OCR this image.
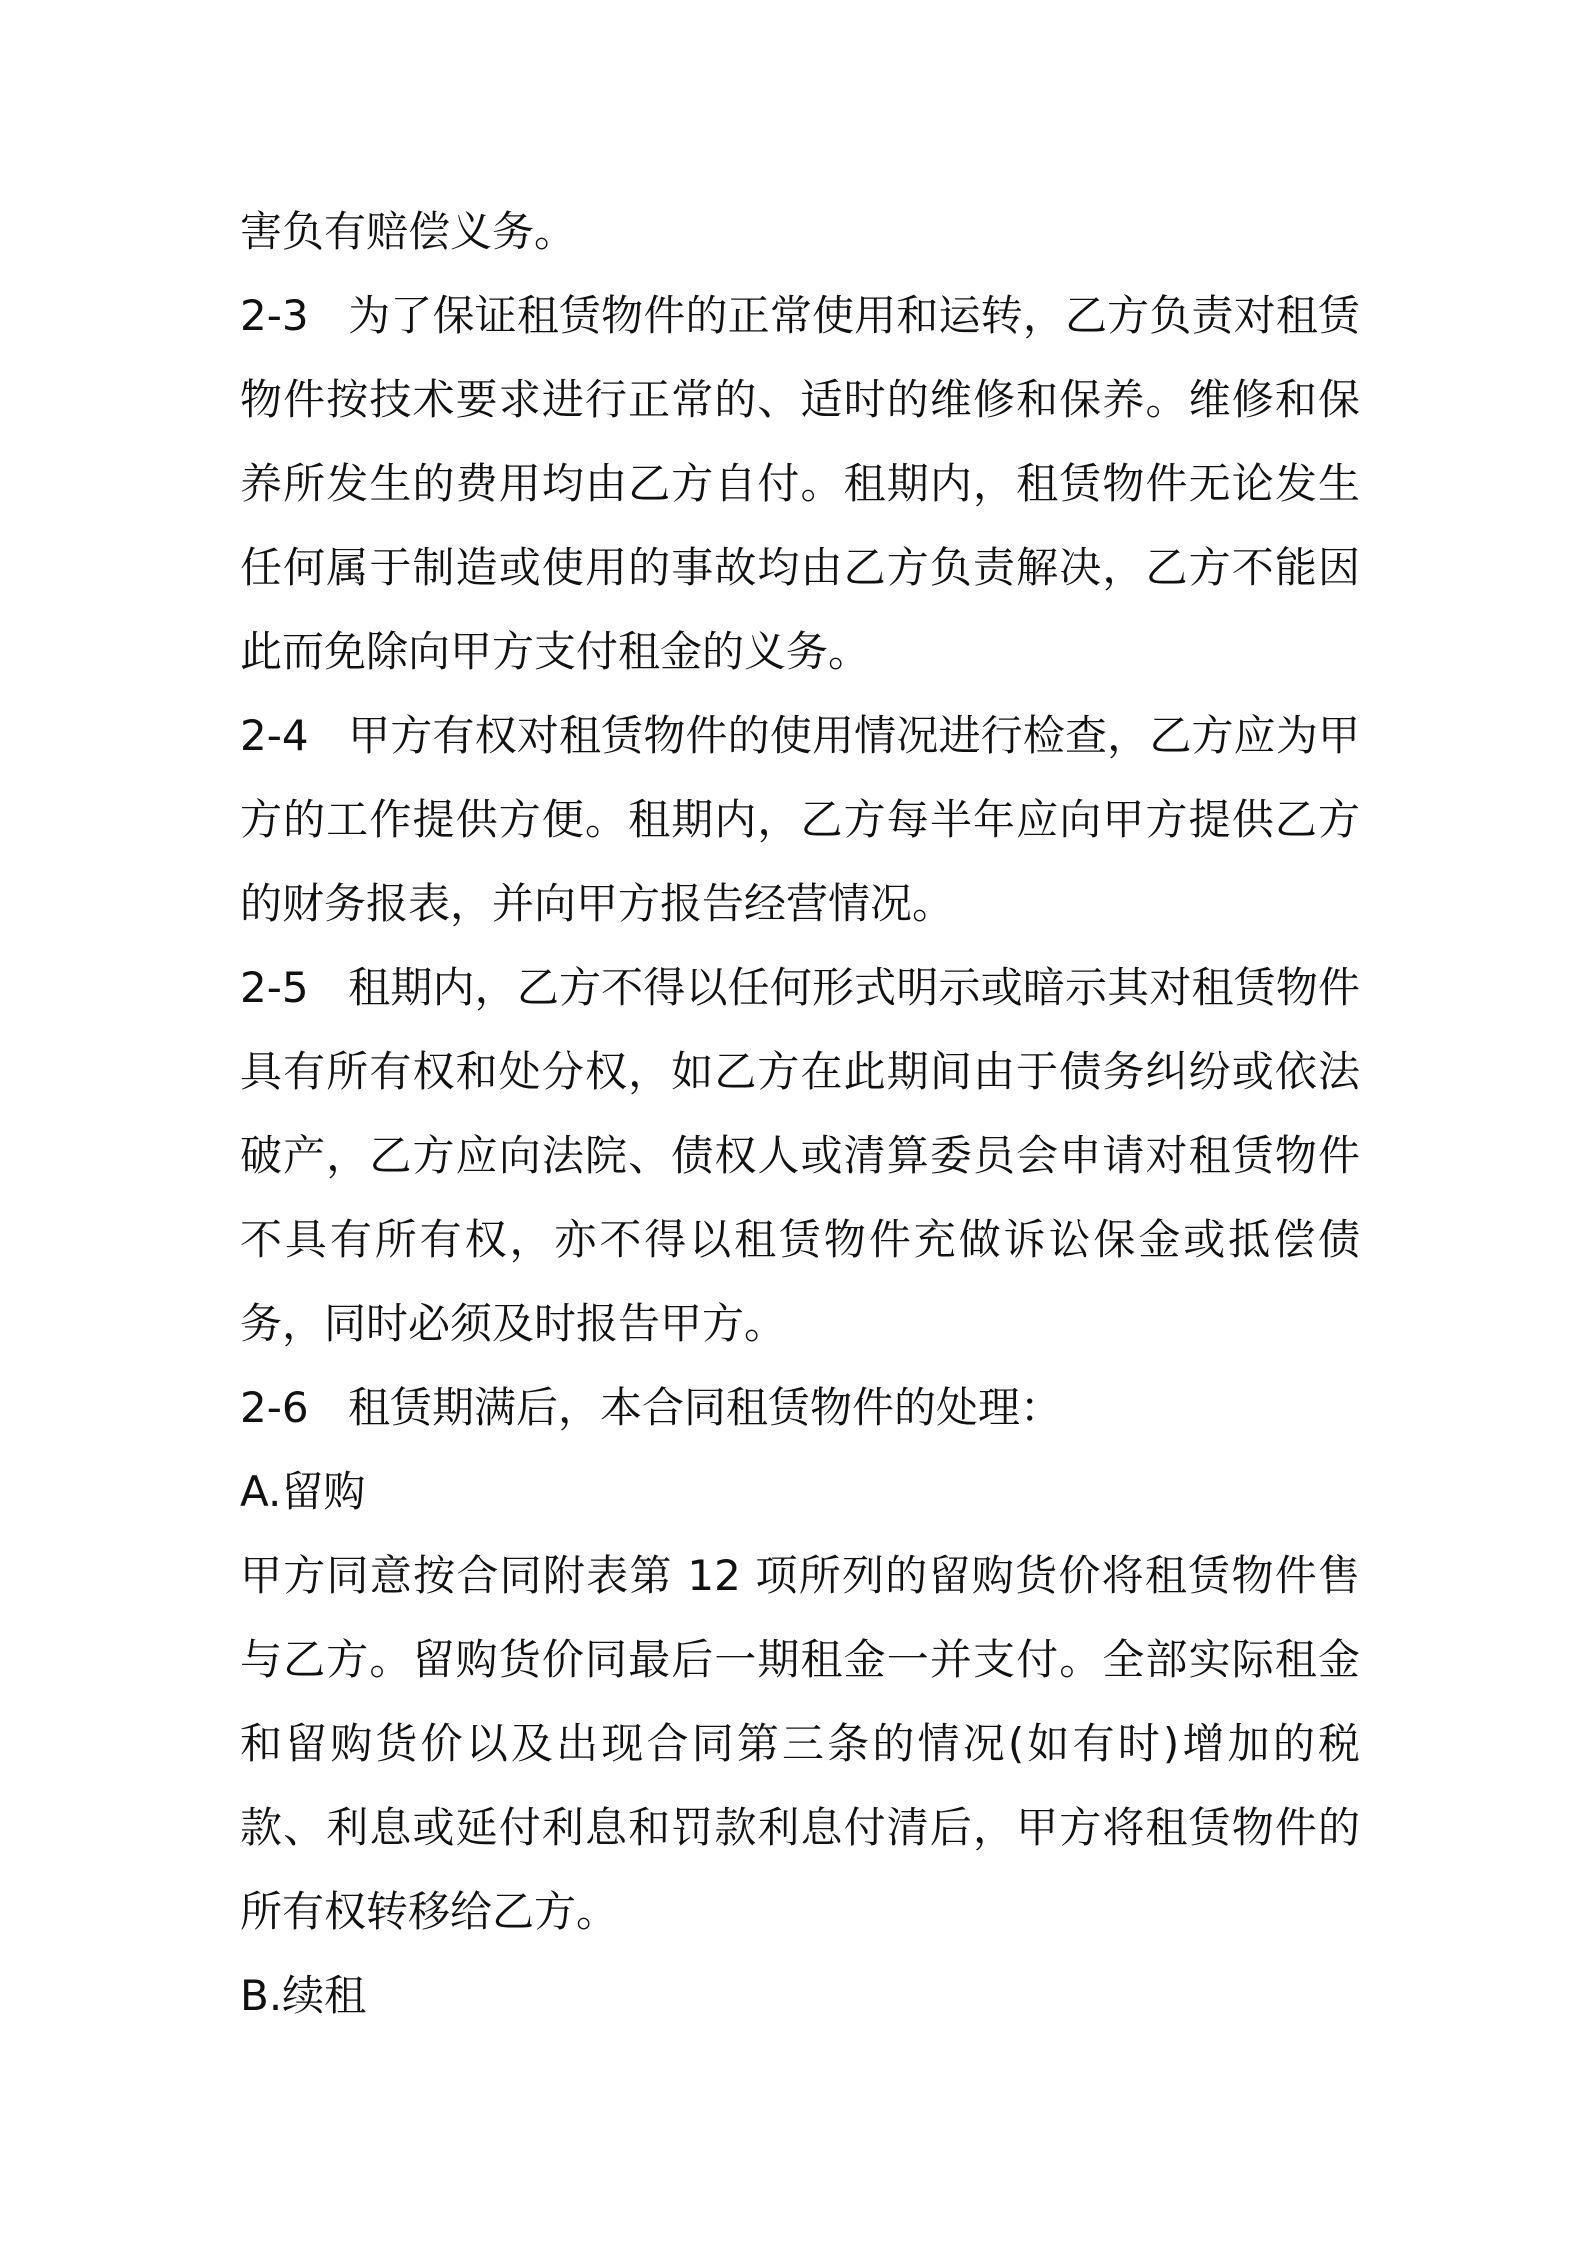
害负有赔偿义务。

2-3 为了保证租赁物件的正常使用和运转，乙方负责对租赁物件按技术要求进行正常的、适时的维修和保养。维修和保养所发生的费用均由乙方自付。租期内，租赁物件无论发生任何属于制造或使用的事故均由乙方负责解决，乙方不能因此而免除向甲方支付租金的义务。

2-4 甲方有权对租赁物件的使用情况进行检查，乙方应为甲方的工作提供方便。租期内，乙方每半年应向甲方提供乙方的财务报表，并向甲方报告经营情况。

2-5 租期内，乙方不得以任何形式明示或暗示其对租赁物件具有所有权和处分权，如乙方在此期间由于债务纠纷或依法破产，乙方应向法院、债权人或清算委员会申请对租赁物件不具有所有权，亦不得以租赁物件充做诉讼保金或抵偿债务，同时必须及时报告甲方。

2-6 租赁期满后，本合同租赁物件的处理：

A.留购

甲方同意按合同附表第 12 项所列的留购货价将租赁物件售与乙方。留购货价同最后一期租金一并支付。全部实际租金和留购货价以及出现合同第三条的情况(如有时)增加的税款、利息或延付利息和罚款利息付清后，甲方将租赁物件的所有权转移给乙方。

B.续租
